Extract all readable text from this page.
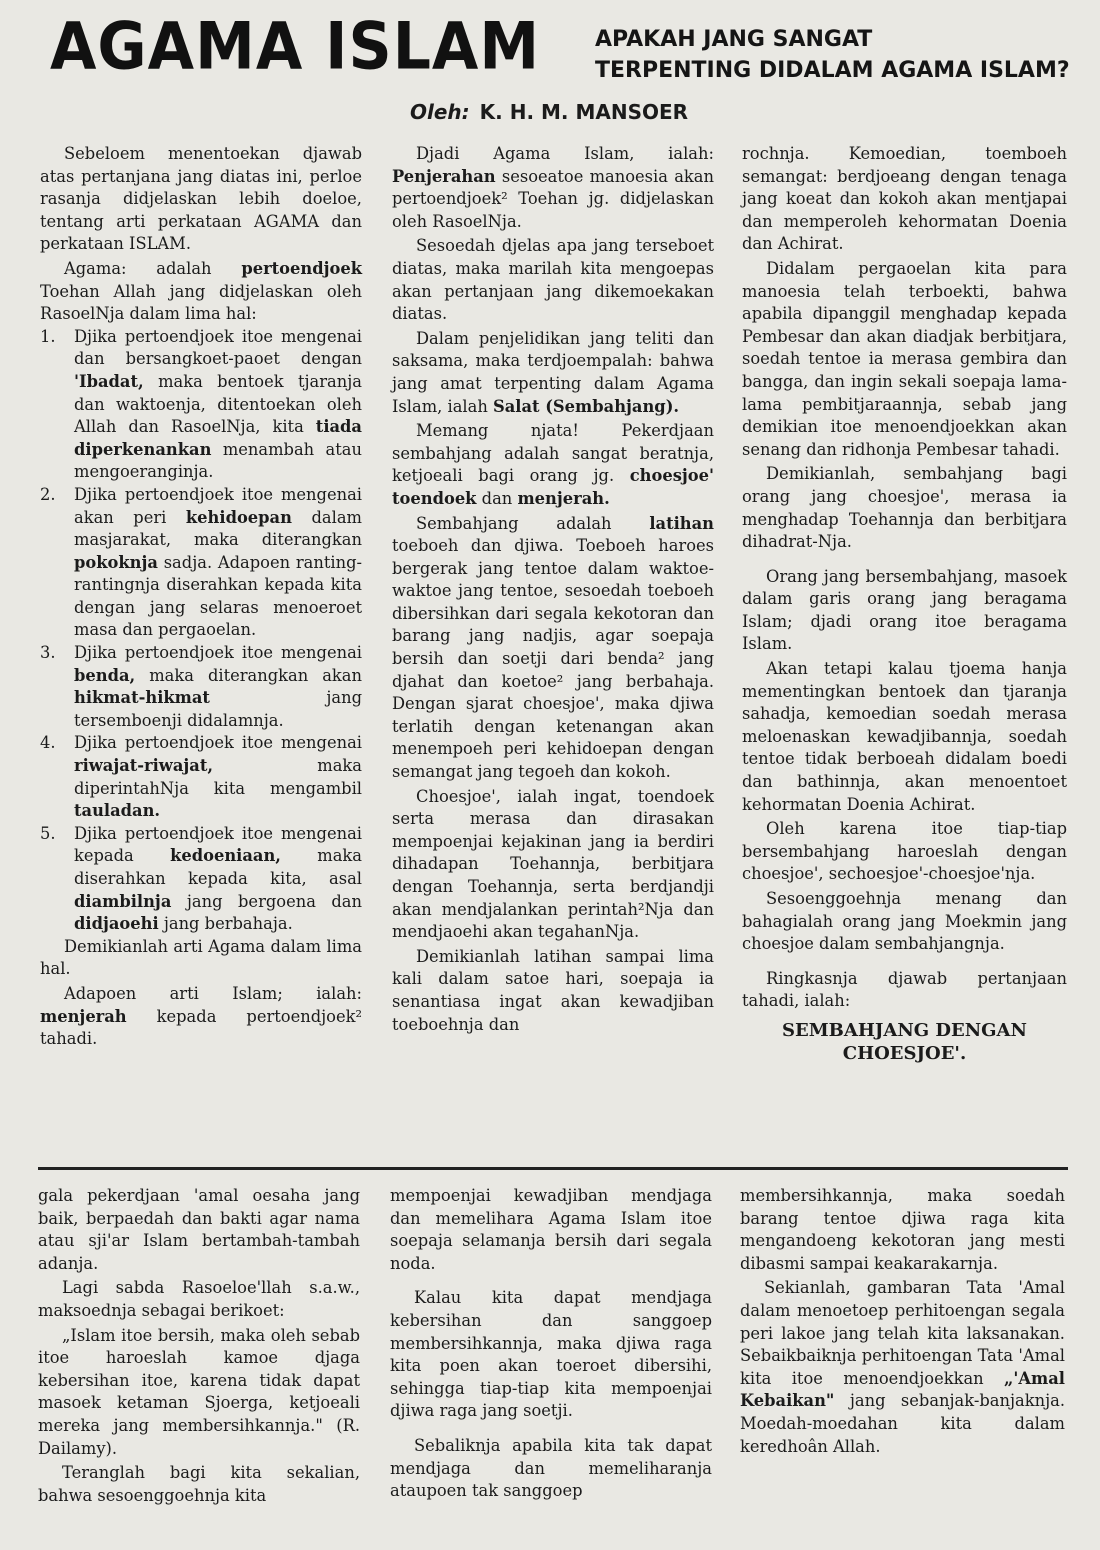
AGAMA ISLAM APAKAH JANG SANGAT
TERPENTING DIDALAM AGAMA ISLAM?
Oleh: K. H. M. MANSOER

Sebeloem menentoekan djawab atas pertanjana jang diatas ini, perloe rasanja didjelaskan lebih doeloe, tentang arti perkataan AGAMA dan perkataan ISLAM.

Agama: adalah pertoendjoek Toehan Allah jang didjelaskan oleh RasoelNja dalam lima hal:

1.	Djika pertoendjoek itoe mengenai dan bersangkoet-paoet dengan 'Ibadat, maka bentoek tjaranja dan waktoenja, ditentoekan oleh Allah dan RasoelNja, kita tiada diperkenankan menambah atau mengoeranginja.
2.	Djika pertoendjoek itoe mengenai akan peri kehidoepan dalam masjarakat, maka diterangkan pokoknja sadja. Adapoen ranting-rantingnja diserahkan kepada kita dengan jang selaras menoeroet masa dan pergaoelan.
3.	Djika pertoendjoek itoe mengenai benda, maka diterangkan akan hikmat-hikmat jang tersemboenji didalamnja.
4.	Djika pertoendjoek itoe mengenai riwajat-riwajat, maka diperintahNja kita mengambil tauladan.
5.	Djika pertoendjoek itoe mengenai kepada kedoeniaan, maka diserahkan kepada kita, asal diambilnja jang bergoena dan didjaoehi jang berbahaja.

Demikianlah arti Agama dalam lima hal.

Adapoen arti Islam; ialah: menjerah kepada pertoendjoek² tahadi.

Djadi Agama Islam, ialah: Penjerahan sesoeatoe manoesia akan pertoendjoek² Toehan jg. didjelaskan oleh RasoelNja.

Sesoedah djelas apa jang terseboet diatas, maka marilah kita mengoepas akan pertanjaan jang dikemoekakan diatas.

Dalam penjelidikan jang teliti dan saksama, maka terdjoempalah: bahwa jang amat terpenting dalam Agama Islam, ialah Salat (Sembahjang).

Memang njata! Pekerdjaan sembahjang adalah sangat beratnja, ketjoeali bagi orang jg. choesjoe' toendoek dan menjerah.

Sembahjang adalah latihan toeboeh dan djiwa. Toeboeh haroes bergerak jang tentoe dalam waktoe-waktoe jang tentoe, sesoedah toeboeh dibersihkan dari segala kekotoran dan barang jang nadjis, agar soepaja bersih dan soetji dari benda² jang djahat dan koetoe² jang berbahaja. Dengan sjarat choesjoe', maka djiwa terlatih dengan ketenangan akan menempoeh peri kehidoepan dengan semangat jang tegoeh dan kokoh.

Choesjoe', ialah ingat, toendoek serta merasa dan dirasakan mempoenjai kejakinan jang ia berdiri dihadapan Toehannja, berbitjara dengan Toehannja, serta berdjandji akan mendjalankan perintah²Nja dan mendjaoehi akan tegahanNja.

Demikianlah latihan sampai lima kali dalam satoe hari, soepaja ia senantiasa ingat akan kewadjiban toeboehnja dan

rochnja. Kemoedian, toemboeh semangat: berdjoeang dengan tenaga jang koeat dan kokoh akan mentjapai dan memperoleh kehormatan Doenia dan Achirat.

Didalam pergaoelan kita para manoesia telah terboekti, bahwa apabila dipanggil menghadap kepada Pembesar dan akan diadjak berbitjara, soedah tentoe ia merasa gembira dan bangga, dan ingin sekali soepaja lama-lama pembitjaraannja, sebab jang demikian itoe menoendjoekkan akan senang dan ridhonja Pembesar tahadi.

Demikianlah, sembahjang bagi orang jang choesjoe', merasa ia menghadap Toehannja dan berbitjara dihadrat-Nja.

Orang jang bersembahjang, masoek dalam garis orang jang beragama Islam; djadi orang itoe beragama Islam.

Akan tetapi kalau tjoema hanja mementingkan bentoek dan tjaranja sahadja, kemoedian soedah merasa meloenaskan kewadjibannja, soedah tentoe tidak berboeah didalam boedi dan bathinnja, akan menoentoet kehormatan Doenia Achirat.

Oleh karena itoe tiap-tiap bersembahjang haroeslah dengan choesjoe', sechoesjoe'-choesjoe'nja.

Sesoenggoehnja menang dan bahagialah orang jang Moekmin jang choesjoe dalam sembahjangnja.

Ringkasnja djawab pertanjaan tahadi, ialah:

SEMBAHJANG DENGAN
CHOESJOE'.

gala pekerdjaan 'amal oesaha jang baik, berpaedah dan bakti agar nama atau sji'ar Islam bertambah-tambah adanja.

Lagi sabda Rasoeloe'llah s.a.w., maksoednja sebagai berikoet:

„Islam itoe bersih, maka oleh sebab itoe haroeslah kamoe djaga kebersihan itoe, karena tidak dapat masoek ketaman Sjoerga, ketjoeali mereka jang membersihkannja." (R. Dailamy).

Teranglah bagi kita sekalian, bahwa sesoenggoehnja kita

mempoenjai kewadjiban mendjaga dan memelihara Agama Islam itoe soepaja selamanja bersih dari segala noda.

Kalau kita dapat mendjaga kebersihan dan sanggoep membersihkannja, maka djiwa raga kita poen akan toeroet dibersihi, sehingga tiap-tiap kita mempoenjai djiwa raga jang soetji.

Sebaliknja apabila kita tak dapat mendjaga dan memeliharanja ataupoen tak sanggoep

membersihkannja, maka soedah barang tentoe djiwa raga kita mengandoeng kekotoran jang mesti dibasmi sampai keakarakarnja.

Sekianlah, gambaran Tata 'Amal dalam menoetoep perhitoengan segala peri lakoe jang telah kita laksanakan. Sebaikbaiknja perhitoengan Tata 'Amal kita itoe menoendjoekkan „'Amal Kebaikan" jang sebanjak-banjaknja. Moedah-moedahan kita dalam keredhoân Allah.
